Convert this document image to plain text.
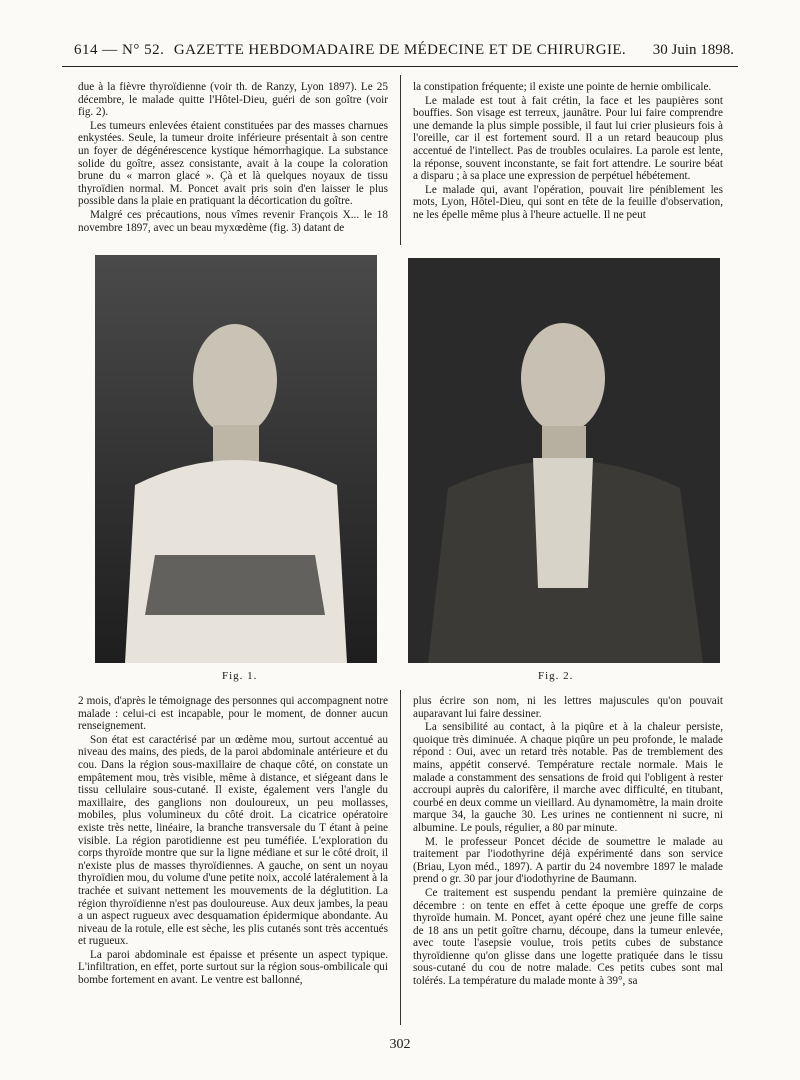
614 — N° 52. GAZETTE HEBDOMADAIRE DE MÉDECINE ET DE CHIRURGIE.	30 Juin 1898.

due à la fièvre thyroïdienne (voir th. de Ranzy, Lyon 1897). Le 25 décembre, le malade quitte l'Hôtel-Dieu, guéri de son goître (voir fig. 2).

Les tumeurs enlevées étaient constituées par des masses charnues enkystées. Seule, la tumeur droite inférieure présentait à son centre un foyer de dégénérescence kystique hémorrhagique. La substance solide du goître, assez consistante, avait à la coupe la coloration brune du « marron glacé ». Çà et là quelques noyaux de tissu thyroïdien normal. M. Poncet avait pris soin d'en laisser le plus possible dans la plaie en pratiquant la décortication du goître.

Malgré ces précautions, nous vîmes revenir François X... le 18 novembre 1897, avec un beau myxœdème (fig. 3) datant de

la constipation fréquente; il existe une pointe de hernie ombilicale.

Le malade est tout à fait crétin, la face et les paupières sont bouffies. Son visage est terreux, jaunâtre. Pour lui faire comprendre une demande la plus simple possible, il faut lui crier plusieurs fois à l'oreille, car il est fortement sourd. Il a un retard beaucoup plus accentué de l'intellect. Pas de troubles oculaires. La parole est lente, la réponse, souvent inconstante, se fait fort attendre. Le sourire béat a disparu ; à sa place une expression de perpétuel hébétement.

Le malade qui, avant l'opération, pouvait lire péniblement les mots, Lyon, Hôtel-Dieu, qui sont en tête de la feuille d'observation, ne les épelle même plus à l'heure actuelle. Il ne peut

Fig. 1.	Fig. 2.

2 mois, d'après le témoignage des personnes qui accompagnent notre malade : celui-ci est incapable, pour le moment, de donner aucun renseignement.

Son état est caractérisé par un œdème mou, surtout accentué au niveau des mains, des pieds, de la paroi abdominale antérieure et du cou. Dans la région sous-maxillaire de chaque côté, on constate un empâtement mou, très visible, même à distance, et siégeant dans le tissu cellulaire sous-cutané. Il existe, également vers l'angle du maxillaire, des ganglions non douloureux, un peu mollasses, mobiles, plus volumineux du côté droit. La cicatrice opératoire existe très nette, linéaire, la branche transversale du T étant à peine visible. La région parotidienne est peu tuméfiée. L'exploration du corps thyroïde montre que sur la ligne médiane et sur le côté droit, il n'existe plus de masses thyroïdiennes. A gauche, on sent un noyau thyroïdien mou, du volume d'une petite noix, accolé latéralement à la trachée et suivant nettement les mouvements de la déglutition. La région thyroïdienne n'est pas douloureuse. Aux deux jambes, la peau a un aspect rugueux avec desquamation épidermique abondante. Au niveau de la rotule, elle est sèche, les plis cutanés sont très accentués et rugueux.

La paroi abdominale est épaisse et présente un aspect typique. L'infiltration, en effet, porte surtout sur la région sous-ombilicale qui bombe fortement en avant. Le ventre est ballonné,

plus écrire son nom, ni les lettres majuscules qu'on pouvait auparavant lui faire dessiner.

La sensibilité au contact, à la piqûre et à la chaleur persiste, quoique très diminuée. A chaque piqûre un peu profonde, le malade répond : Oui, avec un retard très notable. Pas de tremblement des mains, appétit conservé. Température rectale normale. Mais le malade a constamment des sensations de froid qui l'obligent à rester accroupi auprès du calorifère, il marche avec difficulté, en titubant, courbé en deux comme un vieillard. Au dynamomètre, la main droite marque 34, la gauche 30. Les urines ne contiennent ni sucre, ni albumine. Le pouls, régulier, a 80 par minute.

M. le professeur Poncet décide de soumettre le malade au traitement par l'iodothyrine déjà expérimenté dans son service (Briau, Lyon méd., 1897). A partir du 24 novembre 1897 le malade prend o gr. 30 par jour d'iodothyrine de Baumann.

Ce traitement est suspendu pendant la première quinzaine de décembre : on tente en effet à cette époque une greffe de corps thyroïde humain. M. Poncet, ayant opéré chez une jeune fille saine de 18 ans un petit goître charnu, découpe, dans la tumeur enlevée, avec toute l'asepsie voulue, trois petits cubes de substance thyroïdienne qu'on glisse dans une logette pratiquée dans le tissu sous-cutané du cou de notre malade. Ces petits cubes sont mal tolérés. La température du malade monte à 39°, sa

302
